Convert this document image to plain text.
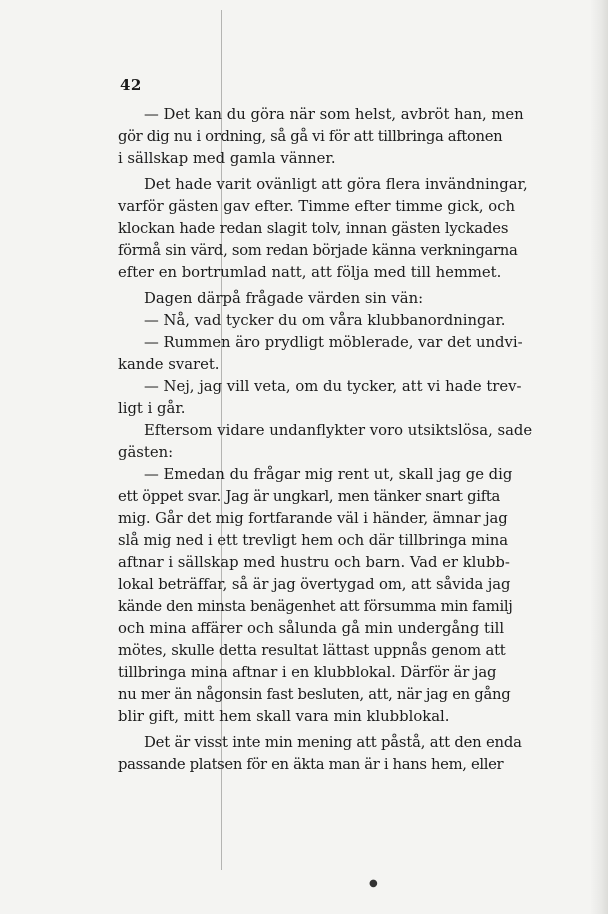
42
— Det kan du göra när som helst, avbröt han, men
gör dig nu i ordning, så gå vi för att tillbringa aftonen
i sällskap med gamla vänner.
Det hade varit ovänligt att göra flera invändningar,
varför gästen gav efter. Timme efter timme gick, och
klockan hade redan slagit tolv, innan gästen lyckades
förmå sin värd, som redan började känna verkningarna
efter en bortrumlad natt, att följa med till hemmet.
Dagen därpå frågade värden sin vän:
— Nå, vad tycker du om våra klubbanordningar.
— Rummen äro prydligt möblerade, var det undvi-
kande svaret.
— Nej, jag vill veta, om du tycker, att vi hade trev-
ligt i går.
Eftersom vidare undanflykter voro utsiktslösa, sade
gästen:
— Emedan du frågar mig rent ut, skall jag ge dig
ett öppet svar. Jag är ungkarl, men tänker snart gifta
mig. Går det mig fortfarande väl i händer, ämnar jag
slå mig ned i ett trevligt hem och där tillbringa mina
aftnar i sällskap med hustru och barn. Vad er klubb-
lokal beträffar, så är jag övertygad om, att såvida jag
kände den minsta benägenhet att försumma min familj
och mina affärer och sålunda gå min undergång till
mötes, skulle detta resultat lättast uppnås genom att
tillbringa mina aftnar i en klubblokal. Därför är jag
nu mer än någonsin fast besluten, att, när jag en gång
blir gift, mitt hem skall vara min klubblokal.
Det är visst inte min mening att påstå, att den enda
passande platsen för en äkta man är i hans hem, eller
●
